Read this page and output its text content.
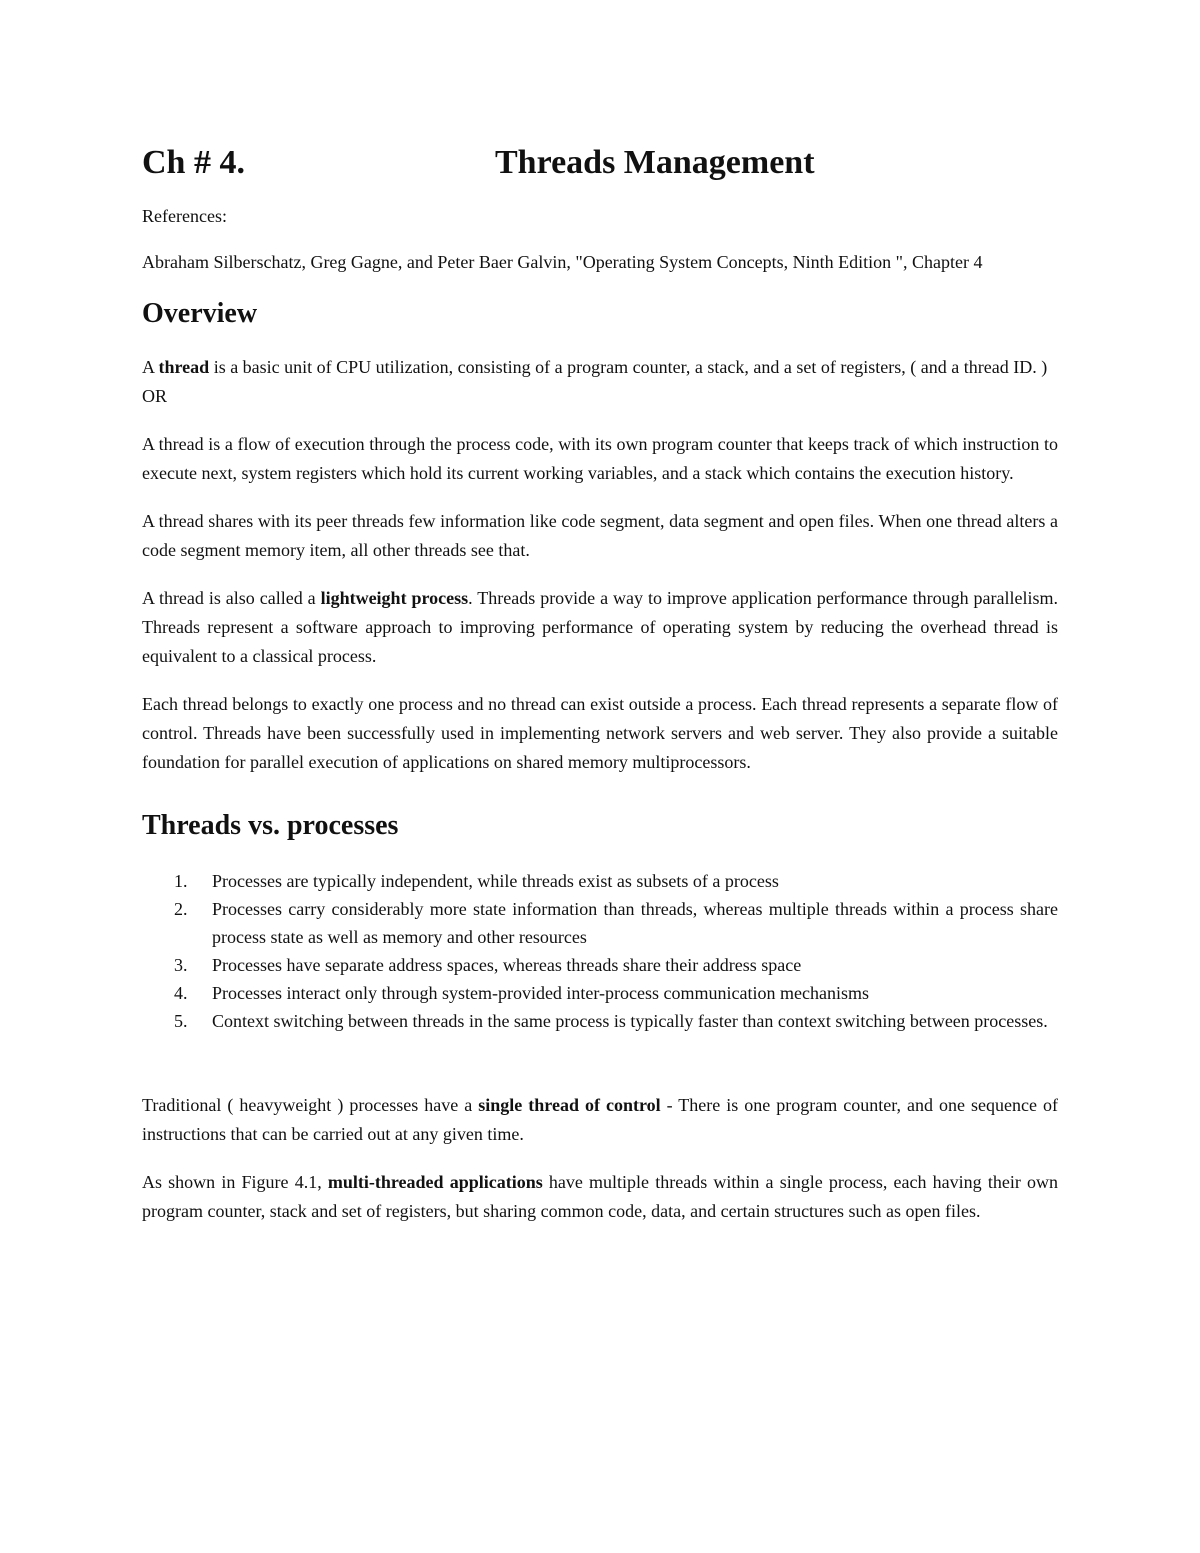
Ch # 4.	Threads Management
References:
Abraham Silberschatz, Greg Gagne, and Peter Baer Galvin, "Operating System Concepts, Ninth Edition ", Chapter 4
Overview

A thread is a basic unit of CPU utilization, consisting of a program counter, a stack, and a set of registers, ( and a thread ID. ) OR

A thread is a flow of execution through the process code, with its own program counter that keeps track of which instruction to execute next, system registers which hold its current working variables, and a stack which contains the execution history.

A thread shares with its peer threads few information like code segment, data segment and open files. When one thread alters a code segment memory item, all other threads see that.

A thread is also called a lightweight process. Threads provide a way to improve application performance through parallelism. Threads represent a software approach to improving performance of operating system by reducing the overhead thread is equivalent to a classical process.

Each thread belongs to exactly one process and no thread can exist outside a process. Each thread represents a separate flow of control. Threads have been successfully used in implementing network servers and web server. They also provide a suitable foundation for parallel execution of applications on shared memory multiprocessors.

Threads vs. processes
1. Processes are typically independent, while threads exist as subsets of a process
2. Processes carry considerably more state information than threads, whereas multiple threads within a process share process state as well as memory and other resources
3. Processes have separate address spaces, whereas threads share their address space
4. Processes interact only through system-provided inter-process communication mechanisms
5. Context switching between threads in the same process is typically faster than context switching between processes.

Traditional ( heavyweight ) processes have a single thread of control - There is one program counter, and one sequence of instructions that can be carried out at any given time.

As shown in Figure 4.1, multi-threaded applications have multiple threads within a single process, each having their own program counter, stack and set of registers, but sharing common code, data, and certain structures such as open files.
